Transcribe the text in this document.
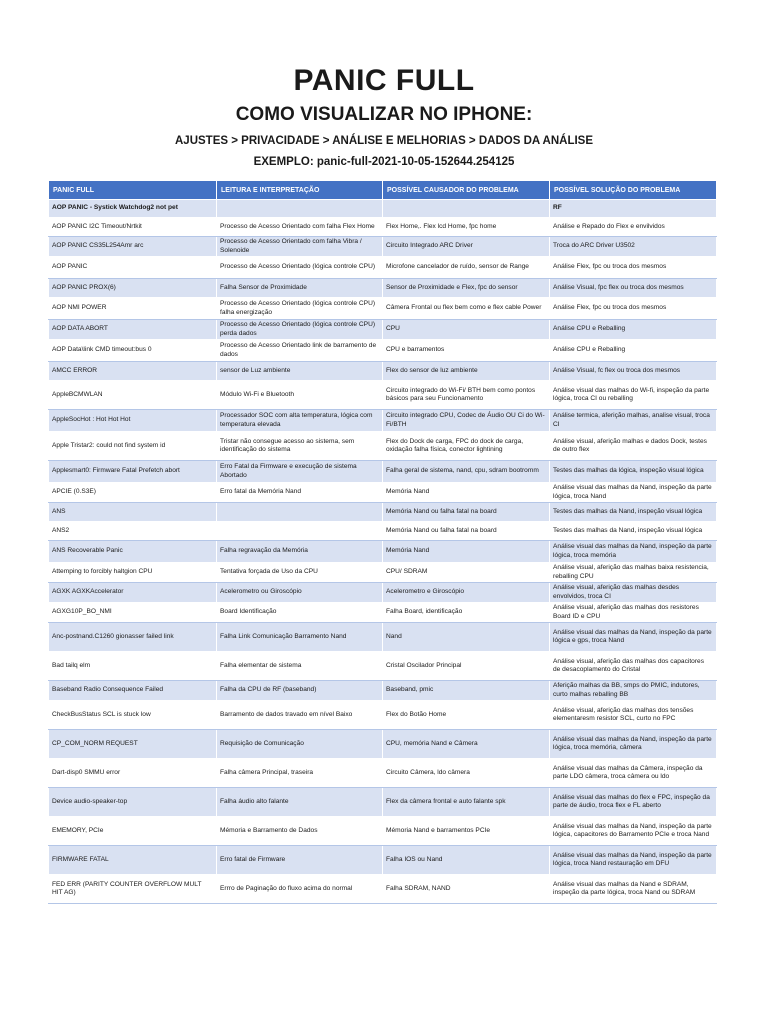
PANIC FULL
COMO VISUALIZAR NO IPHONE:
AJUSTES > PRIVACIDADE > ANÁLISE E MELHORIAS > DADOS DA ANÁLISE
EXEMPLO: panic-full-2021-10-05-152644.254125
PANIC FULL	LEITURA E INTERPRETAÇÃO	POSSÍVEL CAUSADOR DO PROBLEMA	POSSÍVEL SOLUÇÃO DO PROBLEMA
AOP PANIC - Systick Watchdog2 not pet			RF
AOP PANIC I2C Timeout/Nrtkit	Processo de Acesso Orientado com falha Flex Home	Flex Home,. Flex lcd Home, fpc home	Análise e Repado do Flex e envilvidos
AOP PANIC CS35L254Amr arc	Processo de Acesso Orientado com falha Vibra / Solenoide	Circuito Integrado ARC Driver	Troca do ARC Driver U3502
AOP PANIC	Processo de Acesso Orientado (lógica controle CPU)	Microfone cancelador de ruído, sensor de Range	Análise Flex, fpc ou troca dos mesmos
AOP PANIC PROX(6)	Falha Sensor de Proximidade	Sensor de Proximidade e Flex, fpc do sensor	Análise Visual, fpc flex ou troca dos mesmos
AOP NMI POWER	Processo de Acesso Orientado (lógica controle CPU) falha energização	Câmera Frontal ou flex bem como e flex cable Power	Análise Flex, fpc ou troca dos mesmos
AOP DATA ABORT	Processo de Acesso Orientado (lógica controle CPU) perda dados	CPU	Análise CPU e Reballing
AOP Data\link CMD timeout:bus 0	Processo de Acesso Orientado link de barramento de dados	CPU e barramentos	Análise CPU e Reballing
AMCC ERROR	sensor de Luz ambiente	Flex do sensor de luz ambiente	Análise Visual, fc flex ou troca dos mesmos
AppleBCMWLAN	Módulo Wi-Fi e Bluetooth	Circuito integrado do Wi-Fi/ BTH bem como pontos básicos para seu Funcionamento	Análise visual das malhas do Wi-fi, inspeção da parte lógica, troca CI ou reballing
AppleSocHot : Hot Hot Hot	Processador SOC com alta temperatura, lógica com temperatura elevada	Circuito integrado CPU, Codec de Áudio OU Ci do Wi-Fi/BTH	Análise termica, aferição malhas, analise visual, troca CI
Apple Tristar2: could not find system id	Tristar não consegue acesso ao sistema, sem identificação do sistema	Flex do Dock de carga, FPC do dock de carga, oxidação falha física, conector lightining	Análise visual, aferição malhas e dados Dock, testes de outro flex
Applesmart0: Firmware Fatal Prefetch abort	Erro Fatal da Firmware e execução de sistema Abortado	Falha geral de sistema, nand, cpu, sdram bootromm	Testes das malhas da lógica, inspeção visual lógica
APCIE (0.S3E)	Erro fatal da Memória Nand	Memória Nand	Análise visual das malhas da Nand, inspeção da parte lógica, troca Nand
ANS		Memória Nand ou falha fatal na board	Testes das malhas da Nand, inspeção visual lógica
ANS2		Memória Nand ou falha fatal na board	Testes das malhas da Nand, inspeção visual lógica
ANS Recoverable Panic	Falha regravação da Memória	Memória Nand	Análise visual das malhas da Nand, inspeção da parte lógica, troca memória
Attemping to forcibly haltgion CPU	Tentativa forçada de Uso da CPU	CPU/ SDRAM	Análise visual, aferição das malhas baixa resistencia, reballing CPU
AGXK AGXKAccelerator	Acelerometro ou Giroscópio	Acelerometro e Giroscópio	Análise visual, aferição das malhas desdes envolvidos, troca CI
AGXG10P_BO_NMI	Board Identificação	Falha Board, identificação	Análise visual, aferição das malhas dos resistores Board ID e CPU
Anc-postnand.C1260 gionasser failed link	Falha Link Comunicação Barramento Nand	Nand	Análise visual das malhas da Nand, inspeção da parte lógica e gps, troca Nand
Bad tailq elm	Falha elementar de sistema	Cristal Oscilador Principal	Análise visual, aferição das malhas dos capacitores de desacoplamento do Cristal
Baseband Radio Consequence Failed	Falha da CPU de RF (baseband)	Baseband, pmic	Aferição malhas da BB, smps do PMIC, indutores, curto malhas reballing BB
CheckBusStatus SCL is stuck low	Barramento de dados travado em nível Baixo	Flex do Botão Home	Análise visual, aferição das malhas dos tensões elementaresm resistor SCL, curto no FPC
CP_COM_NORM REQUEST	Requisição de Comunicação	CPU, memória Nand e Câmera	Análise visual das malhas da Nand, inspeção da parte lógica, troca memória, câmera
Dart-disp0 SMMU error	Falha câmera Principal, traseira	Circuito Câmera, ldo câmera	Análise visual das malhas da Câmera, inspeção da parte LDO câmera, troca câmera ou ldo
Device audio-speaker-top	Falha áudio alto falante	Flex da câmera frontal e auto falante spk	Análise visual das malhas do flex e FPC, inspeção da parte de áudio, troca flex e FL aberto
EMEMORY, PCIe	Mémoria e Barramento de Dados	Mémoria Nand e barramentos PCIe	Análise visual das malhas da Nand, inspeção da parte lógica, capacitores do Barramento PCIe e troca Nand
FIRMWARE FATAL	Erro fatal de Firmware	Falha IOS ou Nand	Análise visual das malhas da Nand, inspeção da parte lógica, troca Nand restauração em DFU
FED ERR (PARITY COUNTER OVERFLOW MULT HIT AG)	Errro de Paginação do fluxo acima do normal	Falha SDRAM, NAND	Análise visual das malhas da Nand e SDRAM, inspeção da parte lógica, troca Nand ou SDRAM
